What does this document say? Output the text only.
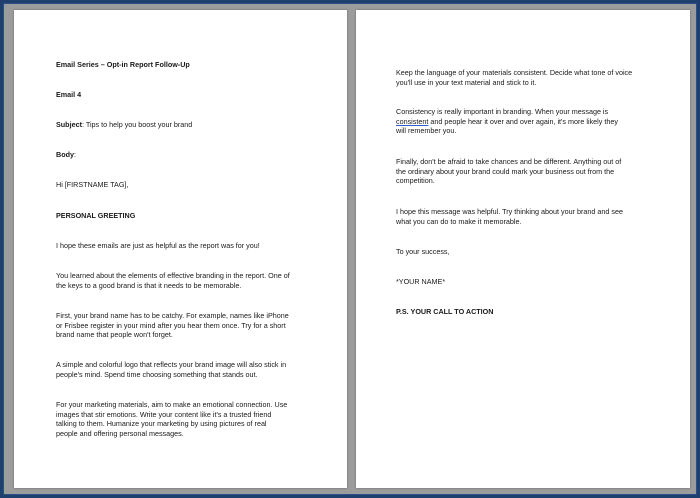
Email Series – Opt-in Report Follow-Up

Email 4

Subject: Tips to help you boost your brand

Body:

Hi [FIRSTNAME TAG],

PERSONAL GREETING

I hope these emails are just as helpful as the report was for you!

You learned about the elements of effective branding in the report. One of
the keys to a good brand is that it needs to be memorable.

First, your brand name has to be catchy. For example, names like iPhone
or Frisbee register in your mind after you hear them once. Try for a short
brand name that people won't forget.

A simple and colorful logo that reflects your brand image will also stick in
people's mind. Spend time choosing something that stands out.

For your marketing materials, aim to make an emotional connection. Use
images that stir emotions. Write your content like it's a trusted friend
talking to them. Humanize your marketing by using pictures of real
people and offering personal messages.

Keep the language of your materials consistent. Decide what tone of voice
you'll use in your text material and stick to it.

Consistency is really important in branding. When your message is
consistent and people hear it over and over again, it's more likely they
will remember you.

Finally, don't be afraid to take chances and be different. Anything out of
the ordinary about your brand could mark your business out from the
competition.

I hope this message was helpful. Try thinking about your brand and see
what you can do to make it memorable.

To your success,

*YOUR NAME*

P.S. YOUR CALL TO ACTION
